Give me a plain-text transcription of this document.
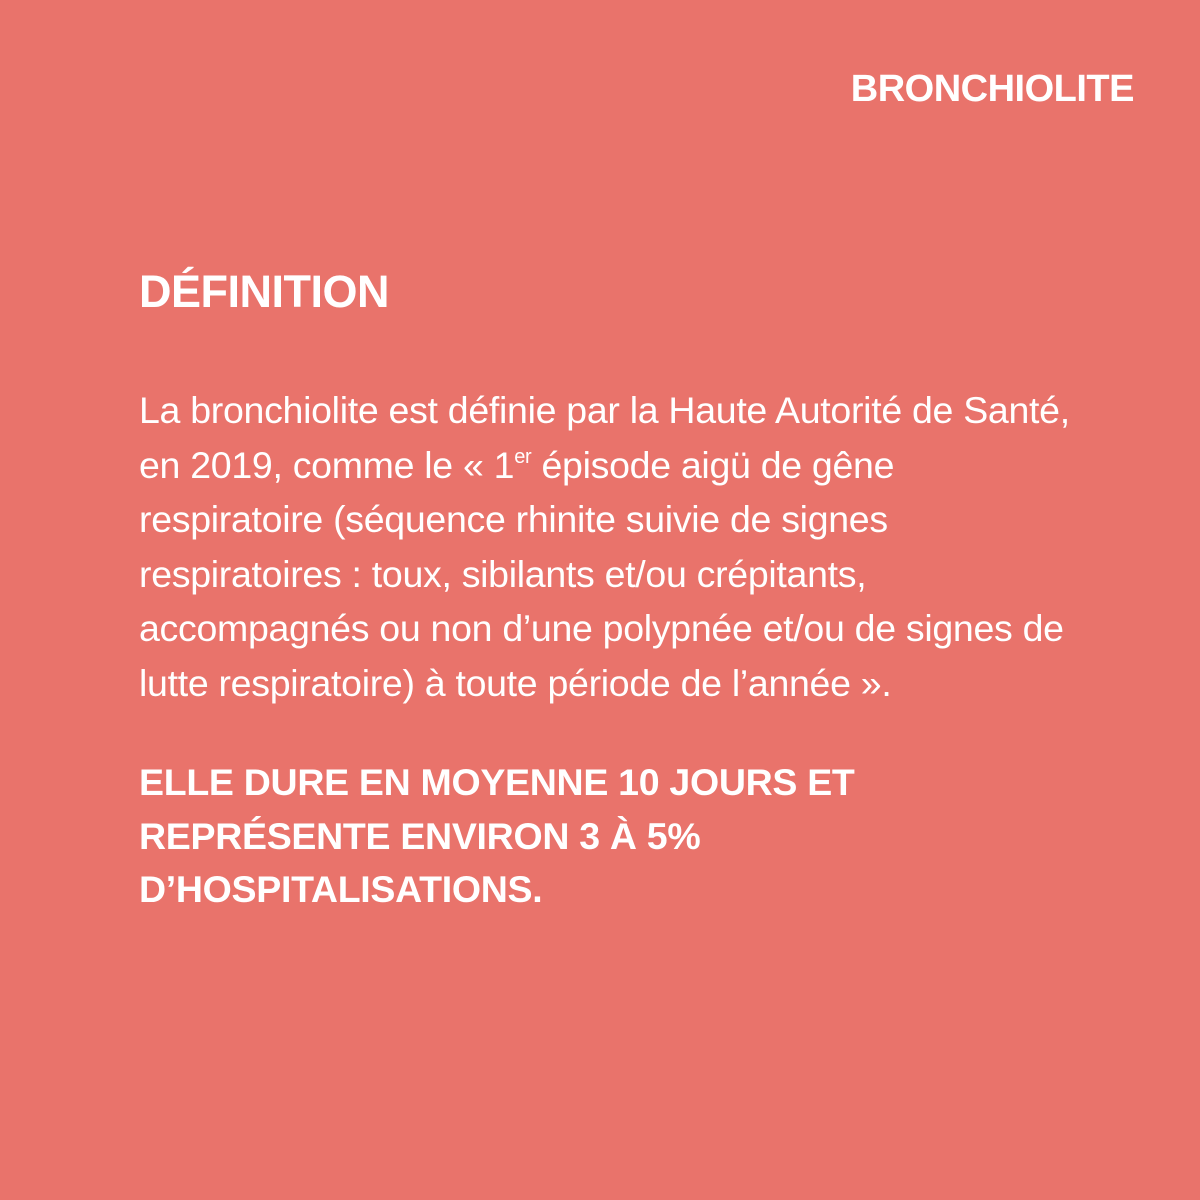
BRONCHIOLITE
DÉFINITION

La bronchiolite est définie par la Haute Autorité de Santé, en 2019, comme le « 1er épisode aigü de gêne respiratoire (séquence rhinite suivie de signes respiratoires : toux, sibilants et/ou crépitants, accompagnés ou non d’une polypnée et/ou de signes de lutte respiratoire) à toute période de l’année ».

ELLE DURE EN MOYENNE 10 JOURS ET
REPRÉSENTE ENVIRON 3 À 5%
D’HOSPITALISATIONS.
